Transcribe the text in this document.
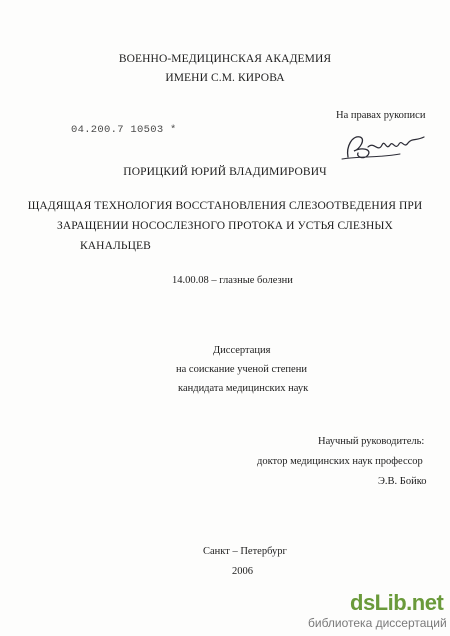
ВОЕННО-МЕДИЦИНСКАЯ АКАДЕМИЯ
ИМЕНИ С.М. КИРОВА
На правах рукописи
04.200.7 10503 *
ПОРИЦКИЙ ЮРИЙ ВЛАДИМИРОВИЧ
ЩАДЯЩАЯ ТЕХНОЛОГИЯ ВОССТАНОВЛЕНИЯ СЛЕЗООТВЕДЕНИЯ ПРИ
ЗАРАЩЕНИИ НОСОСЛЕЗНОГО ПРОТОКА И УСТЬЯ СЛЕЗНЫХ
КАНАЛЬЦЕВ
14.00.08 – глазные болезни
Диссертация
на соискание ученой степени
кандидата медицинских наук
Научный руководитель:
доктор медицинских наук профессор
Э.В. Бойко
Санкт – Петербург
2006
dsLib.net
библиотека диссертаций
